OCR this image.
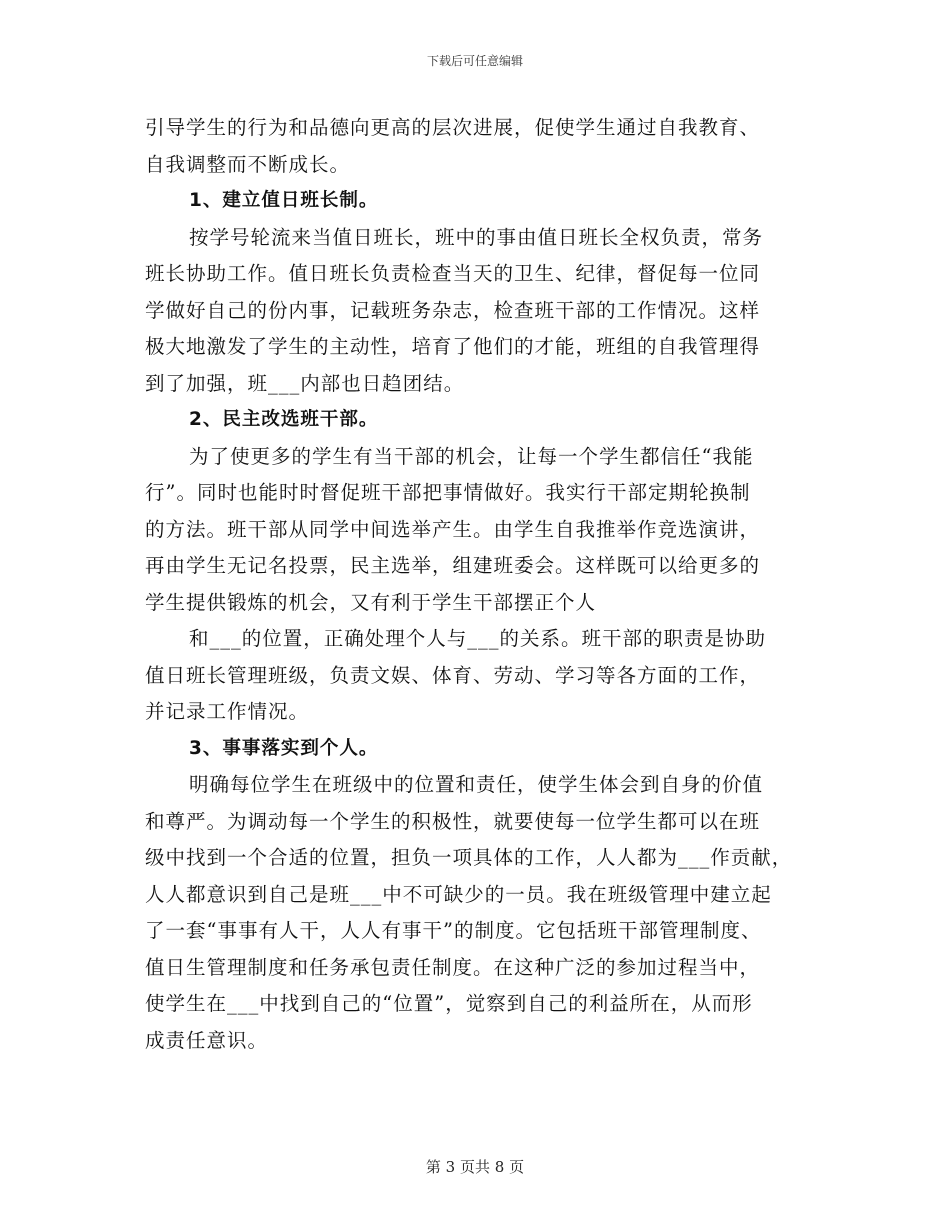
下载后可任意编辑
引导学生的行为和品德向更高的层次进展，促使学生通过自我教育、
自我调整而不断成长。
1、建立值日班长制。
按学号轮流来当值日班长，班中的事由值日班长全权负责，常务
班长协助工作。值日班长负责检查当天的卫生、纪律，督促每一位同
学做好自己的份内事，记载班务杂志，检查班干部的工作情况。这样
极大地激发了学生的主动性，培育了他们的才能，班组的自我管理得
到了加强，班___内部也日趋团结。
2、民主改选班干部。
为了使更多的学生有当干部的机会，让每一个学生都信任“我能
行”。同时也能时时督促班干部把事情做好。我实行干部定期轮换制
的方法。班干部从同学中间选举产生。由学生自我推举作竞选演讲，
再由学生无记名投票，民主选举，组建班委会。这样既可以给更多的
学生提供锻炼的机会，又有利于学生干部摆正个人
和___的位置，正确处理个人与___的关系。班干部的职责是协助
值日班长管理班级，负责文娱、体育、劳动、学习等各方面的工作，
并记录工作情况。
3、事事落实到个人。
明确每位学生在班级中的位置和责任，使学生体会到自身的价值
和尊严。为调动每一个学生的积极性，就要使每一位学生都可以在班
级中找到一个合适的位置，担负一项具体的工作，人人都为___作贡献，
人人都意识到自己是班___中不可缺少的一员。我在班级管理中建立起
了一套“事事有人干，人人有事干”的制度。它包括班干部管理制度、
值日生管理制度和任务承包责任制度。在这种广泛的参加过程当中，
使学生在___中找到自己的“位置”，觉察到自己的利益所在，从而形
成责任意识。
第 3 页共 8 页
